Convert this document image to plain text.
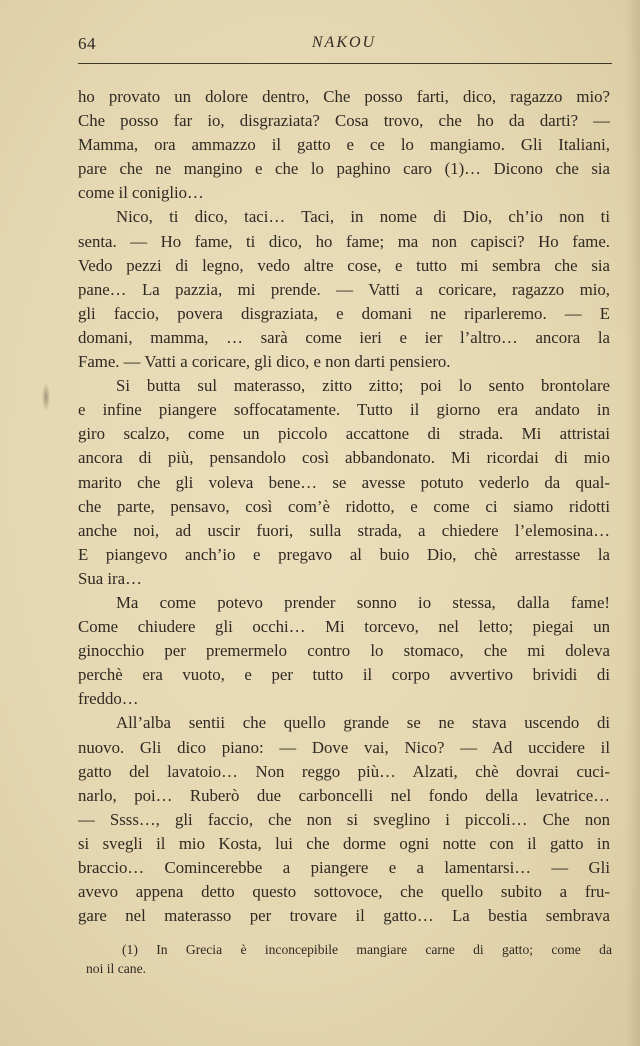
64	NAKOU
ho provato un dolore dentro, Che posso farti, dico, ragazzo mio?
Che posso far io, disgraziata? Cosa trovo, che ho da darti? —
Mamma, ora ammazzo il gatto e ce lo mangiamo. Gli Italiani,
pare che ne mangino e che lo paghino caro (1)… Dicono che sia
come il coniglio…
Nico, ti dico, taci… Taci, in nome di Dio, ch’io non ti
senta. — Ho fame, ti dico, ho fame; ma non capisci? Ho fame.
Vedo pezzi di legno, vedo altre cose, e tutto mi sembra che sia
pane… La pazzia, mi prende. — Vatti a coricare, ragazzo mio,
gli faccio, povera disgraziata, e domani ne riparleremo. — E
domani, mamma, … sarà come ieri e ier l’altro… ancora la
Fame. — Vatti a coricare, gli dico, e non darti pensiero.
Si butta sul materasso, zitto zitto; poi lo sento brontolare
e infine piangere soffocatamente. Tutto il giorno era andato in
giro scalzo, come un piccolo accattone di strada. Mi attristai
ancora di più, pensandolo così abbandonato. Mi ricordai di mio
marito che gli voleva bene… se avesse potuto vederlo da qual-
che parte, pensavo, così com’è ridotto, e come ci siamo ridotti
anche noi, ad uscir fuori, sulla strada, a chiedere l’elemosina…
E piangevo anch’io e pregavo al buio Dio, chè arrestasse la
Sua ira…
Ma come potevo prender sonno io stessa, dalla fame!
Come chiudere gli occhi… Mi torcevo, nel letto; piegai un
ginocchio per premermelo contro lo stomaco, che mi doleva
perchè era vuoto, e per tutto il corpo avvertivo brividi di
freddo…
All’alba sentii che quello grande se ne stava uscendo di
nuovo. Gli dico piano: — Dove vai, Nico? — Ad uccidere il
gatto del lavatoio… Non reggo più… Alzati, chè dovrai cuci-
narlo, poi… Ruberò due carboncelli nel fondo della levatrice…
— Ssss…, gli faccio, che non si sveglino i piccoli… Che non
si svegli il mio Kosta, lui che dorme ogni notte con il gatto in
braccio… Comincerebbe a piangere e a lamentarsi… — Gli
avevo appena detto questo sottovoce, che quello subito a fru-
gare nel materasso per trovare il gatto… La bestia sembrava
(1) In Grecia è inconcepibile mangiare carne di gatto; come da
noi il cane.
